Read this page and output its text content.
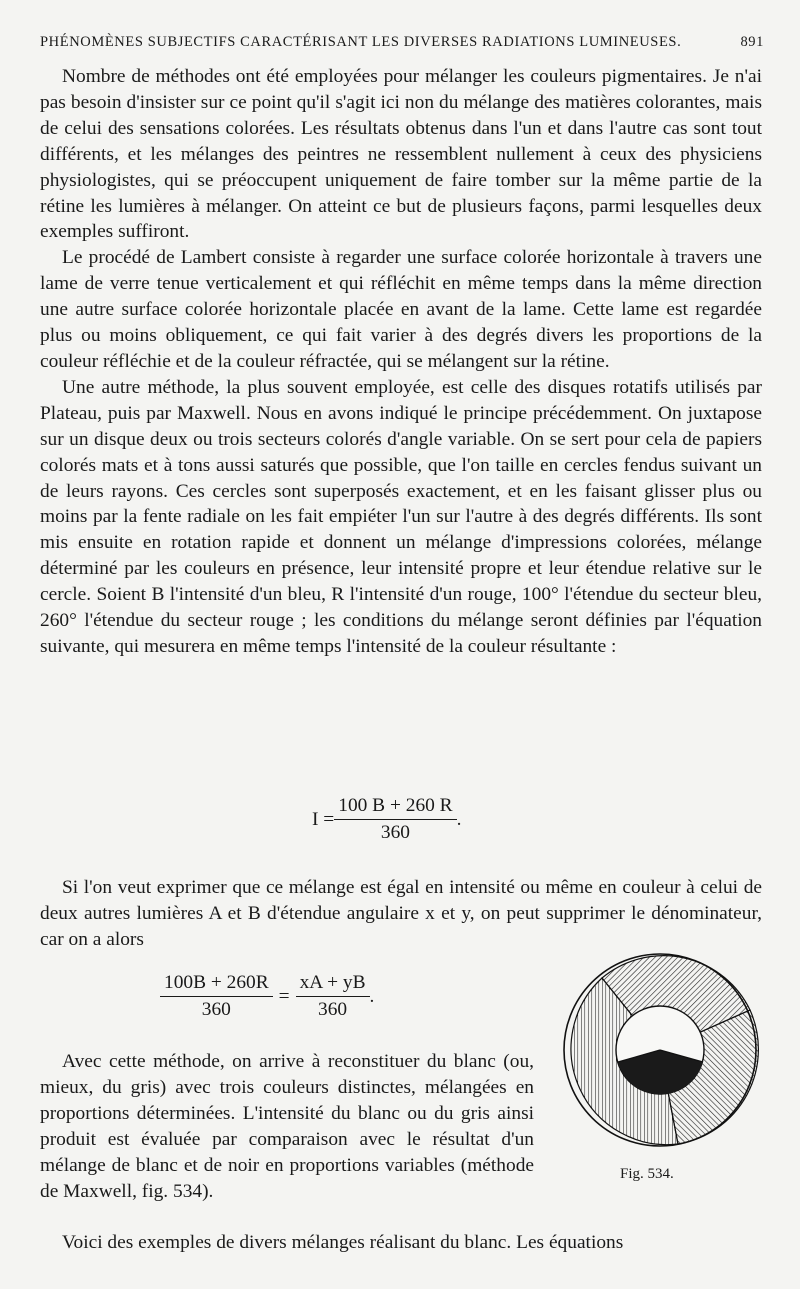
PHÉNOMÈNES SUBJECTIFS CARACTÉRISANT LES DIVERSES RADIATIONS LUMINEUSES.	891

Nombre de méthodes ont été employées pour mélanger les couleurs pigmentaires. Je n'ai pas besoin d'insister sur ce point qu'il s'agit ici non du mélange des matières colorantes, mais de celui des sensations colorées. Les résultats obtenus dans l'un et dans l'autre cas sont tout différents, et les mélanges des peintres ne ressemblent nullement à ceux des physiciens physiologistes, qui se préoccupent uniquement de faire tomber sur la même partie de la rétine les lumières à mélanger. On atteint ce but de plusieurs façons, parmi lesquelles deux exemples suffiront.

Le procédé de Lambert consiste à regarder une surface colorée horizontale à travers une lame de verre tenue verticalement et qui réfléchit en même temps dans la même direction une autre surface colorée horizontale placée en avant de la lame. Cette lame est regardée plus ou moins obliquement, ce qui fait varier à des degrés divers les proportions de la couleur réfléchie et de la couleur réfractée, qui se mélangent sur la rétine.

Une autre méthode, la plus souvent employée, est celle des disques rotatifs utilisés par Plateau, puis par Maxwell. Nous en avons indiqué le principe précédemment. On juxtapose sur un disque deux ou trois secteurs colorés d'angle variable. On se sert pour cela de papiers colorés mats et à tons aussi saturés que possible, que l'on taille en cercles fendus suivant un de leurs rayons. Ces cercles sont superposés exactement, et en les faisant glisser plus ou moins par la fente radiale on les fait empiéter l'un sur l'autre à des degrés différents. Ils sont mis ensuite en rotation rapide et donnent un mélange d'impressions colorées, mélange déterminé par les couleurs en présence, leur intensité propre et leur étendue relative sur le cercle. Soient B l'intensité d'un bleu, R l'intensité d'un rouge, 100° l'étendue du secteur bleu, 260° l'étendue du secteur rouge ; les conditions du mélange seront définies par l'équation suivante, qui mesurera en même temps l'intensité de la couleur résultante :

$I = \frac{100 B + 260 R}{360}$ .

Si l'on veut exprimer que ce mélange est égal en intensité ou même en couleur à celui de deux autres lumières A et B d'étendue angulaire x et y, on peut supprimer le dénominateur, car on a alors

$\frac{100B + 260R}{360} = \frac{xA + yB}{360}$ .

Avec cette méthode, on arrive à reconstituer du blanc (ou, mieux, du gris) avec trois couleurs distinctes, mélangées en proportions déterminées. L'intensité du blanc ou du gris ainsi produit est évaluée par comparaison avec le résultat d'un mélange de blanc et de noir en proportions variables (méthode de Maxwell, fig. 534).

Voici des exemples de divers mélanges réalisant du blanc. Les équations

Fig. 534.
